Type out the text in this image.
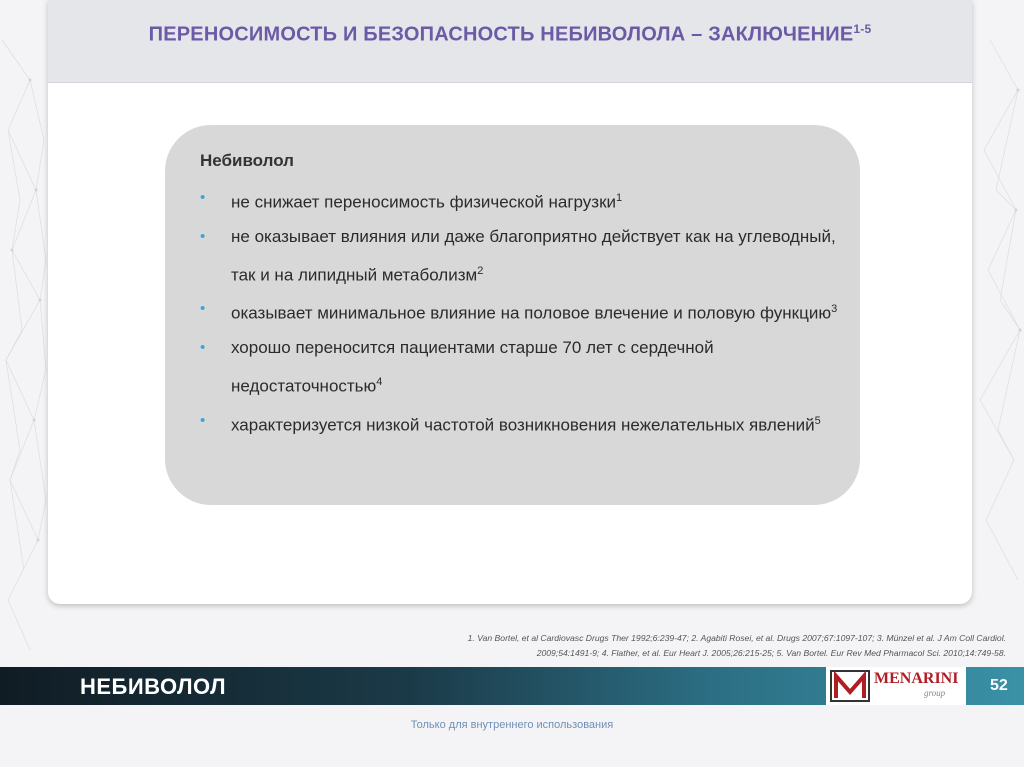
ПЕРЕНОСИМОСТЬ И БЕЗОПАСНОСТЬ НЕБИВОЛОЛА – ЗАКЛЮЧЕНИЕ$^{1-5}$
Небиволол
• не снижает переносимость физической нагрузки$^1$
• не оказывает влияния или даже благоприятно действует как на углеводный, так и на липидный метаболизм$^2$
• оказывает минимальное влияние на половое влечение и половую функцию$^3$
• хорошо переносится пациентами старше 70 лет с сердечной недостаточностью$^4$
• характеризуется низкой частотой возникновения нежелательных явлений$^5$
1. Van Bortel, et al Cardiovasc Drugs Ther 1992;6:239-47; 2. Agabiti Rosei, et al. Drugs 2007;67:1097-107; 3. Münzel et al. J Am Coll Cardiol.
2009;54:1491-9; 4. Flather, et al. Eur Heart J. 2005;26:215-25; 5. Van Bortel. Eur Rev Med Pharmacol Sci. 2010;14:749-58.
НЕБИВОЛОЛ	MENARINI
group	52
Только для внутреннего использования
